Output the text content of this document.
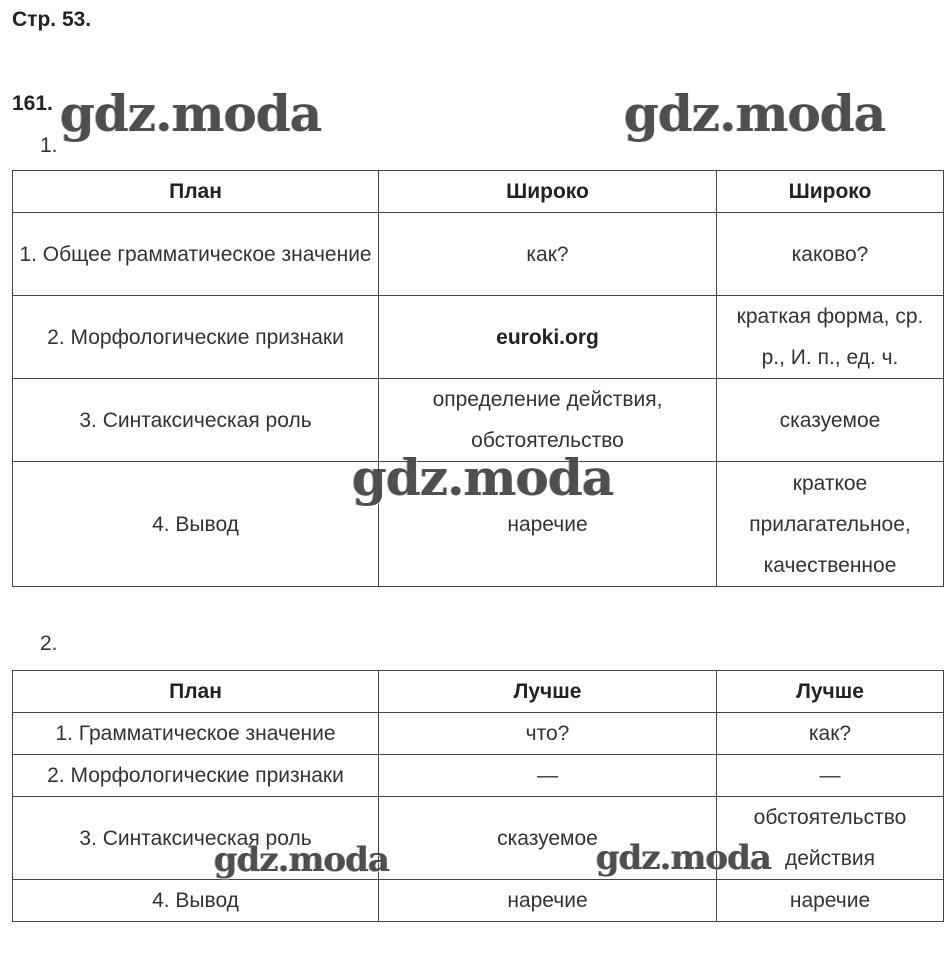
Стр. 53.
161.
1.
План	Широко	Широко
1. Общее грамматическое значение	как?	каково?
2. Морфологические признаки	euroki.org	краткая форма, ср. р., И. п., ед. ч.
3. Синтаксическая роль	определение действия, обстоятельство	сказуемое
4. Вывод	наречие	краткое прилагательное, качественное
2.
План	Лучше	Лучше
1. Грамматическое значение	что?	как?
2. Морфологические признаки	—	—
3. Синтаксическая роль	сказуемое	обстоятельство действия
4. Вывод	наречие	наречие
gdz.moda	gdz.moda
gdz.moda
gdz.moda	gdz.moda
